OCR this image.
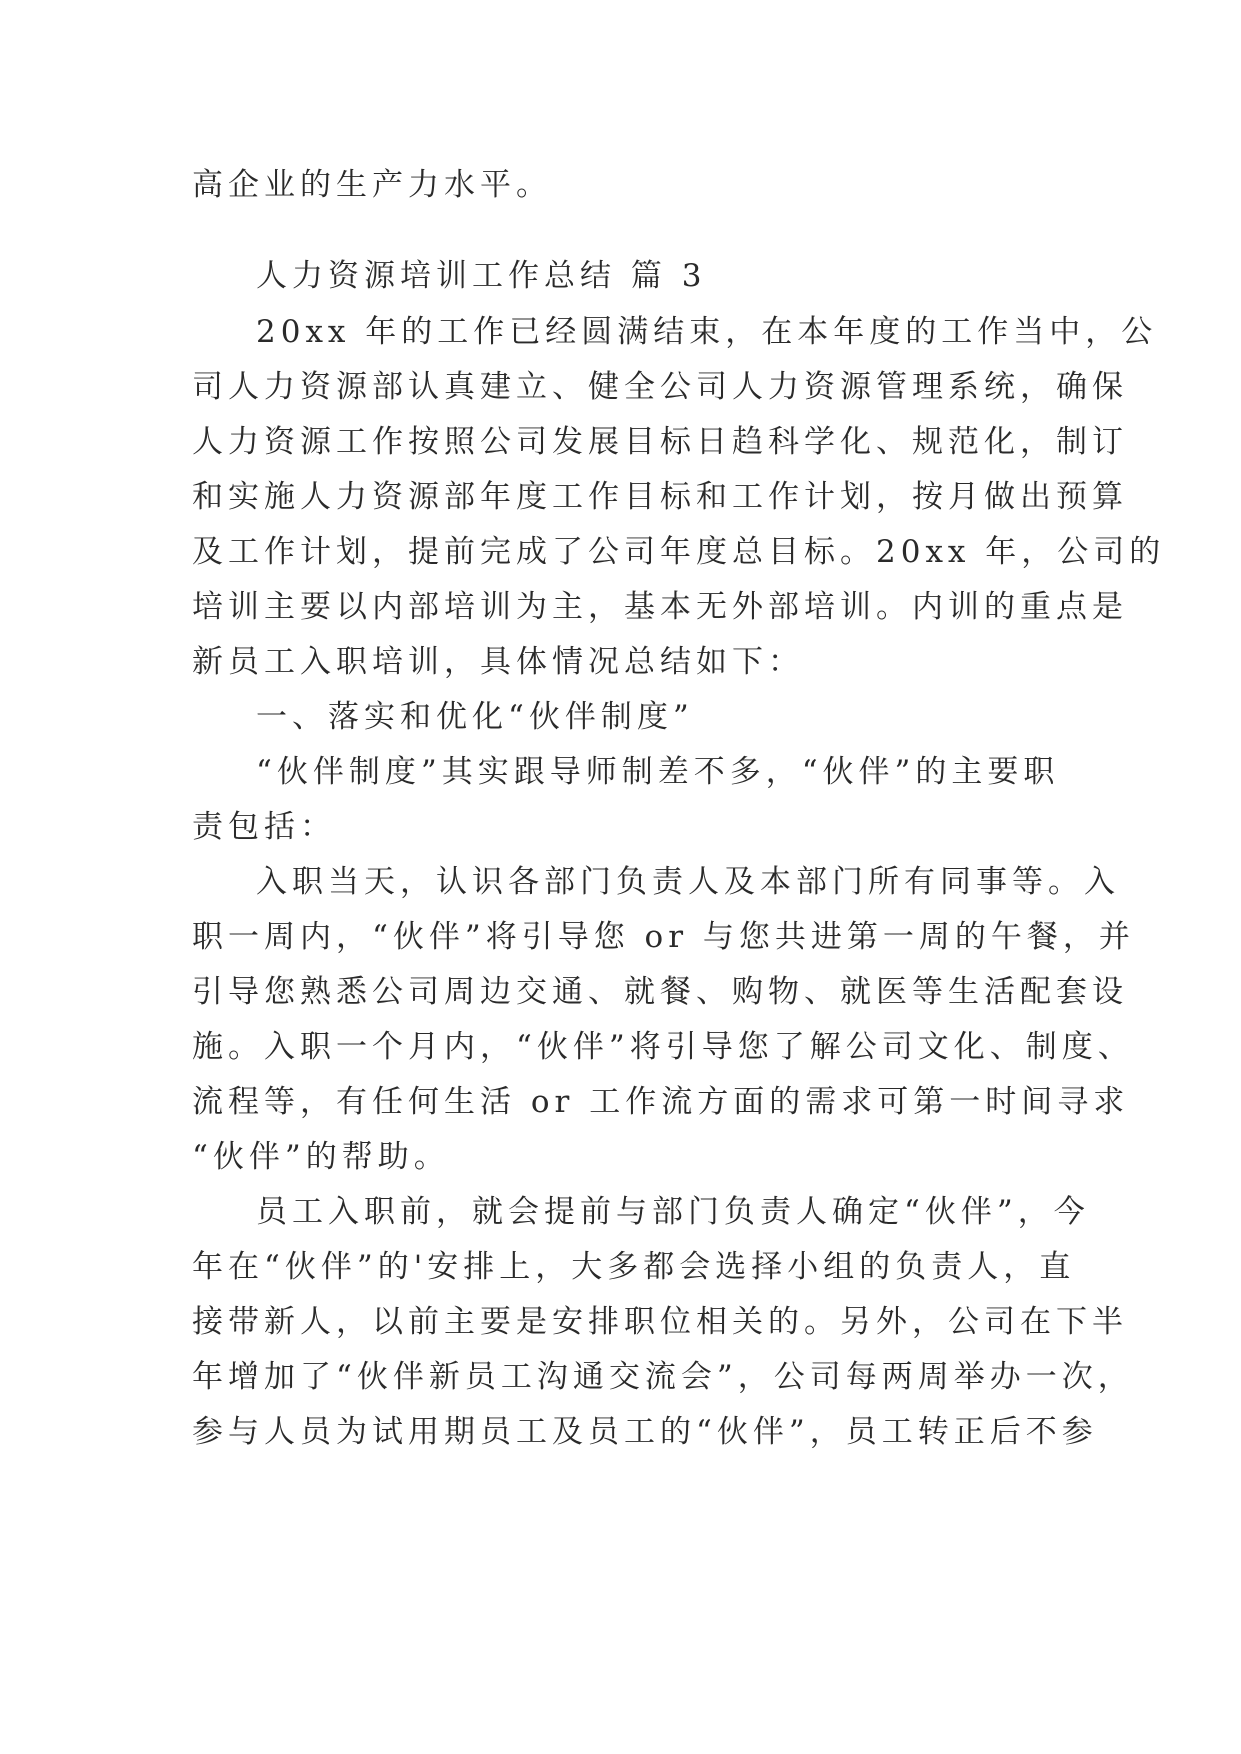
高企业的生产力水平。
人力资源培训工作总结 篇 3
20xx 年的工作已经圆满结束，在本年度的工作当中，公
司人力资源部认真建立、健全公司人力资源管理系统，确保
人力资源工作按照公司发展目标日趋科学化、规范化，制订
和实施人力资源部年度工作目标和工作计划，按月做出预算
及工作计划，提前完成了公司年度总目标。20xx 年，公司的
培训主要以内部培训为主，基本无外部培训。内训的重点是
新员工入职培训，具体情况总结如下：
一、落实和优化“伙伴制度”
“伙伴制度”其实跟导师制差不多，“伙伴”的主要职
责包括：
入职当天，认识各部门负责人及本部门所有同事等。入
职一周内，“伙伴”将引导您 or 与您共进第一周的午餐，并
引导您熟悉公司周边交通、就餐、购物、就医等生活配套设
施。入职一个月内，“伙伴”将引导您了解公司文化、制度、
流程等，有任何生活 or 工作流方面的需求可第一时间寻求
“伙伴”的帮助。
员工入职前，就会提前与部门负责人确定“伙伴”，今
年在“伙伴”的'安排上，大多都会选择小组的负责人，直
接带新人，以前主要是安排职位相关的。另外，公司在下半
年增加了“伙伴新员工沟通交流会”，公司每两周举办一次，
参与人员为试用期员工及员工的“伙伴”，员工转正后不参
